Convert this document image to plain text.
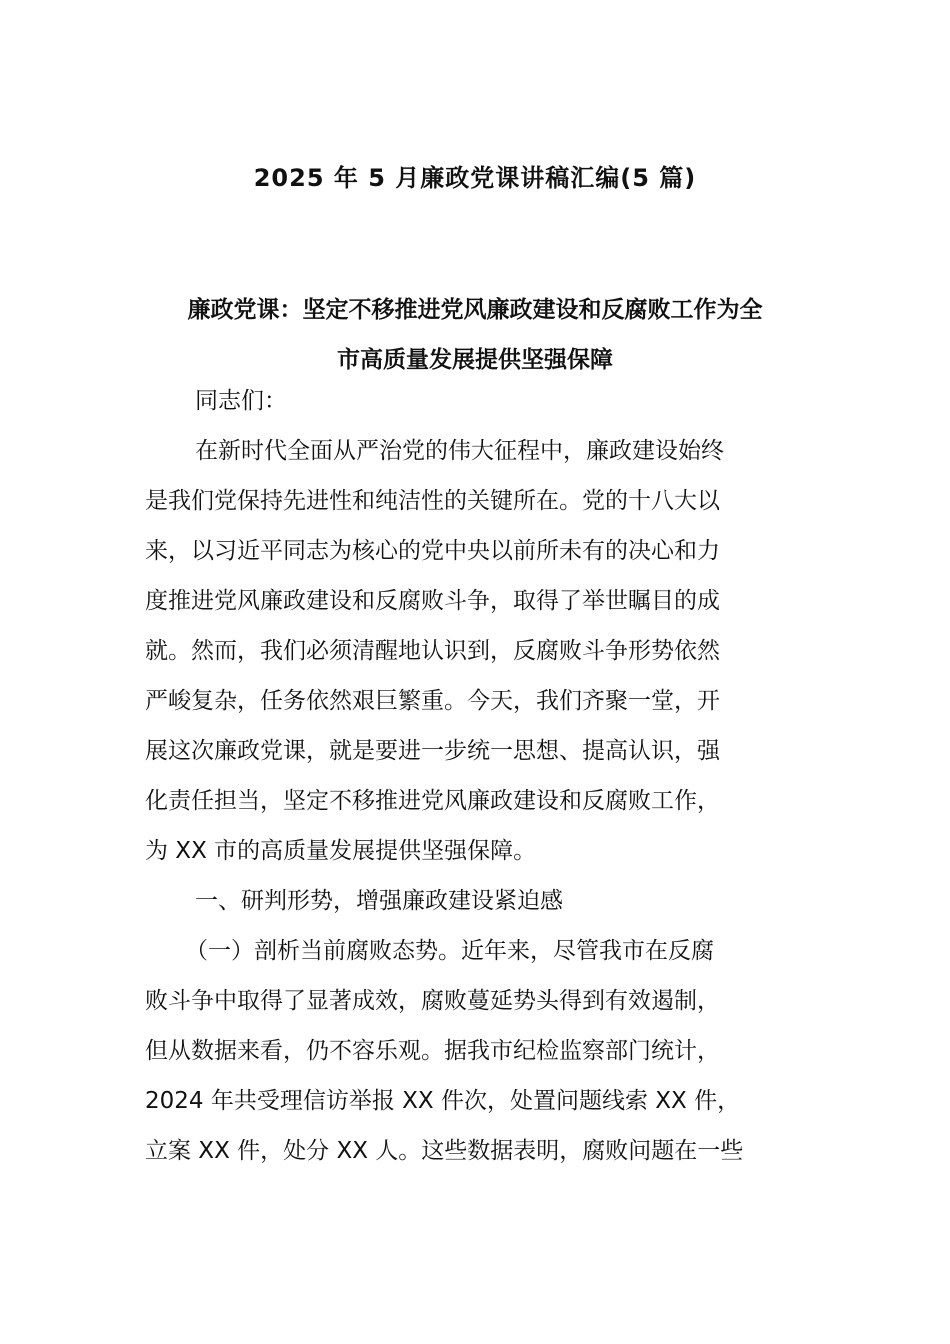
2025 年 5 月廉政党课讲稿汇编(5 篇)
廉政党课：坚定不移推进党风廉政建设和反腐败工作为全
市高质量发展提供坚强保障
同志们：
在新时代全面从严治党的伟大征程中，廉政建设始终
是我们党保持先进性和纯洁性的关键所在。党的十八大以
来，以习近平同志为核心的党中央以前所未有的决心和力
度推进党风廉政建设和反腐败斗争，取得了举世瞩目的成
就。然而，我们必须清醒地认识到，反腐败斗争形势依然
严峻复杂，任务依然艰巨繁重。今天，我们齐聚一堂，开
展这次廉政党课，就是要进一步统一思想、提高认识，强
化责任担当，坚定不移推进党风廉政建设和反腐败工作，
为 XX 市的高质量发展提供坚强保障。
一、研判形势，增强廉政建设紧迫感
（一）剖析当前腐败态势。近年来，尽管我市在反腐
败斗争中取得了显著成效，腐败蔓延势头得到有效遏制，
但从数据来看，仍不容乐观。据我市纪检监察部门统计，
2024 年共受理信访举报 XX 件次，处置问题线索 XX 件，
立案 XX 件，处分 XX 人。这些数据表明，腐败问题在一些
